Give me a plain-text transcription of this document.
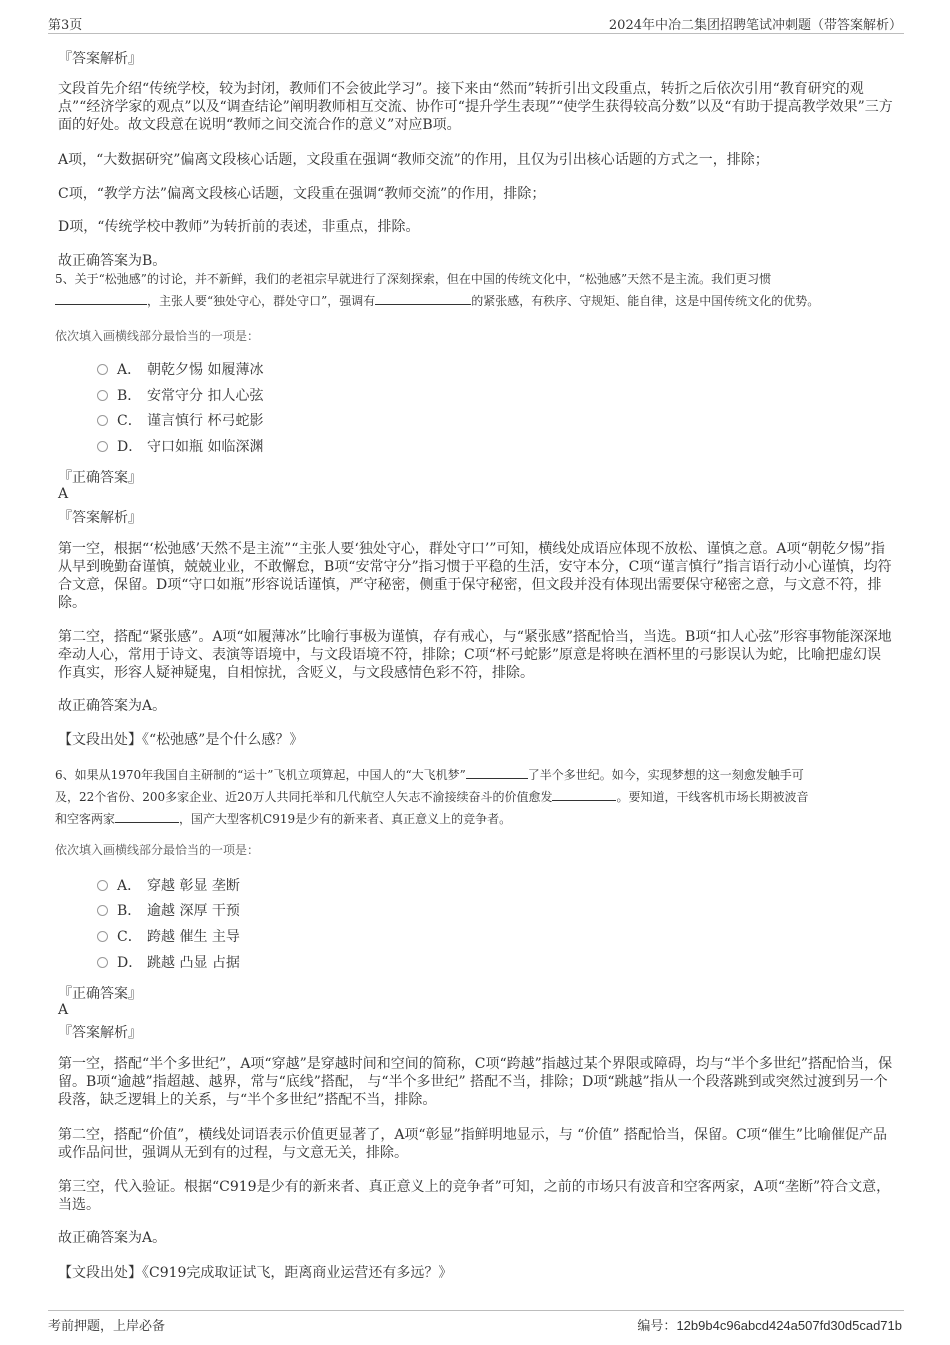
第3页	2024年中冶二集团招聘笔试冲刺题（带答案解析）
『答案解析』
文段首先介绍“传统学校，较为封闭，教师们不会彼此学习”。接下来由“然而”转折引出文段重点，转折之后依次引用“教育研究的观点”“经济学家的观点”以及“调查结论”阐明教师相互交流、协作可“提升学生表现”“使学生获得较高分数”以及“有助于提高教学效果”三方面的好处。故文段意在说明“教师之间交流合作的意义”对应B项。
A项，“大数据研究”偏离文段核心话题，文段重在强调“教师交流”的作用，且仅为引出核心话题的方式之一，排除；
C项，“教学方法”偏离文段核心话题，文段重在强调“教师交流”的作用，排除；
D项，“传统学校中教师”为转折前的表述，非重点，排除。
故正确答案为B。
5、关于“松弛感”的讨论，并不新鲜，我们的老祖宗早就进行了深刻探索，但在中国的传统文化中，“松弛感”天然不是主流。我们更习惯
，主张人要“独处守心，群处守口”，强调有	的紧张感，有秩序、守规矩、能自律，这是中国传统文化的优势。
依次填入画横线部分最恰当的一项是：
A． 朝乾夕惕 如履薄冰
B． 安常守分 扣人心弦
C． 谨言慎行 杯弓蛇影
D． 守口如瓶 如临深渊
『正确答案』
A
『答案解析』
第一空，根据“‘松弛感’天然不是主流”“主张人要‘独处守心，群处守口’”可知，横线处成语应体现不放松、谨慎之意。A项“朝乾夕惕”指从早到晚勤奋谨慎，兢兢业业，不敢懈怠，B项“安常守分”指习惯于平稳的生活，安守本分，C项“谨言慎行”指言语行动小心谨慎，均符合文意，保留。D项“守口如瓶”形容说话谨慎，严守秘密，侧重于保守秘密，但文段并没有体现出需要保守秘密之意，与文意不符，排除。
第二空，搭配“紧张感”。A项“如履薄冰”比喻行事极为谨慎，存有戒心，与“紧张感”搭配恰当，当选。B项“扣人心弦”形容事物能深深地牵动人心，常用于诗文、表演等语境中，与文段语境不符，排除；C项“杯弓蛇影”原意是将映在酒杯里的弓影误认为蛇，比喻把虚幻误作真实，形容人疑神疑鬼，自相惊扰，含贬义，与文段感情色彩不符，排除。
故正确答案为A。
【文段出处】《“松弛感”是个什么感？》
6、如果从1970年我国自主研制的“运十”飞机立项算起，中国人的“大飞机梦”	了半个多世纪。如今，实现梦想的这一刻愈发触手可
及，22个省份、200多家企业、近20万人共同托举和几代航空人矢志不渝接续奋斗的价值愈发	。要知道，干线客机市场长期被波音
和空客两家	，国产大型客机C919是少有的新来者、真正意义上的竞争者。
依次填入画横线部分最恰当的一项是：
A． 穿越 彰显 垄断
B． 逾越 深厚 干预
C． 跨越 催生 主导
D． 跳越 凸显 占据
『正确答案』
A
『答案解析』
第一空，搭配“半个多世纪”，A项“穿越”是穿越时间和空间的简称，C项“跨越”指越过某个界限或障碍，均与“半个多世纪”搭配恰当，保留。B项“逾越”指超越、越界，常与“底线”搭配， 与“半个多世纪” 搭配不当，排除；D项“跳越”指从一个段落跳到或突然过渡到另一个段落，缺乏逻辑上的关系，与“半个多世纪”搭配不当，排除。
第二空，搭配“价值”，横线处词语表示价值更显著了，A项“彰显”指鲜明地显示，与 “价值” 搭配恰当，保留。C项“催生”比喻催促产品或作品问世，强调从无到有的过程，与文意无关，排除。
第三空，代入验证。根据“C919是少有的新来者、真正意义上的竞争者”可知，之前的市场只有波音和空客两家，A项“垄断”符合文意，当选。
故正确答案为A。
【文段出处】《C919完成取证试飞，距离商业运营还有多远？》
考前押题，上岸必备	编号：12b9b4c96abcd424a507fd30d5cad71b
